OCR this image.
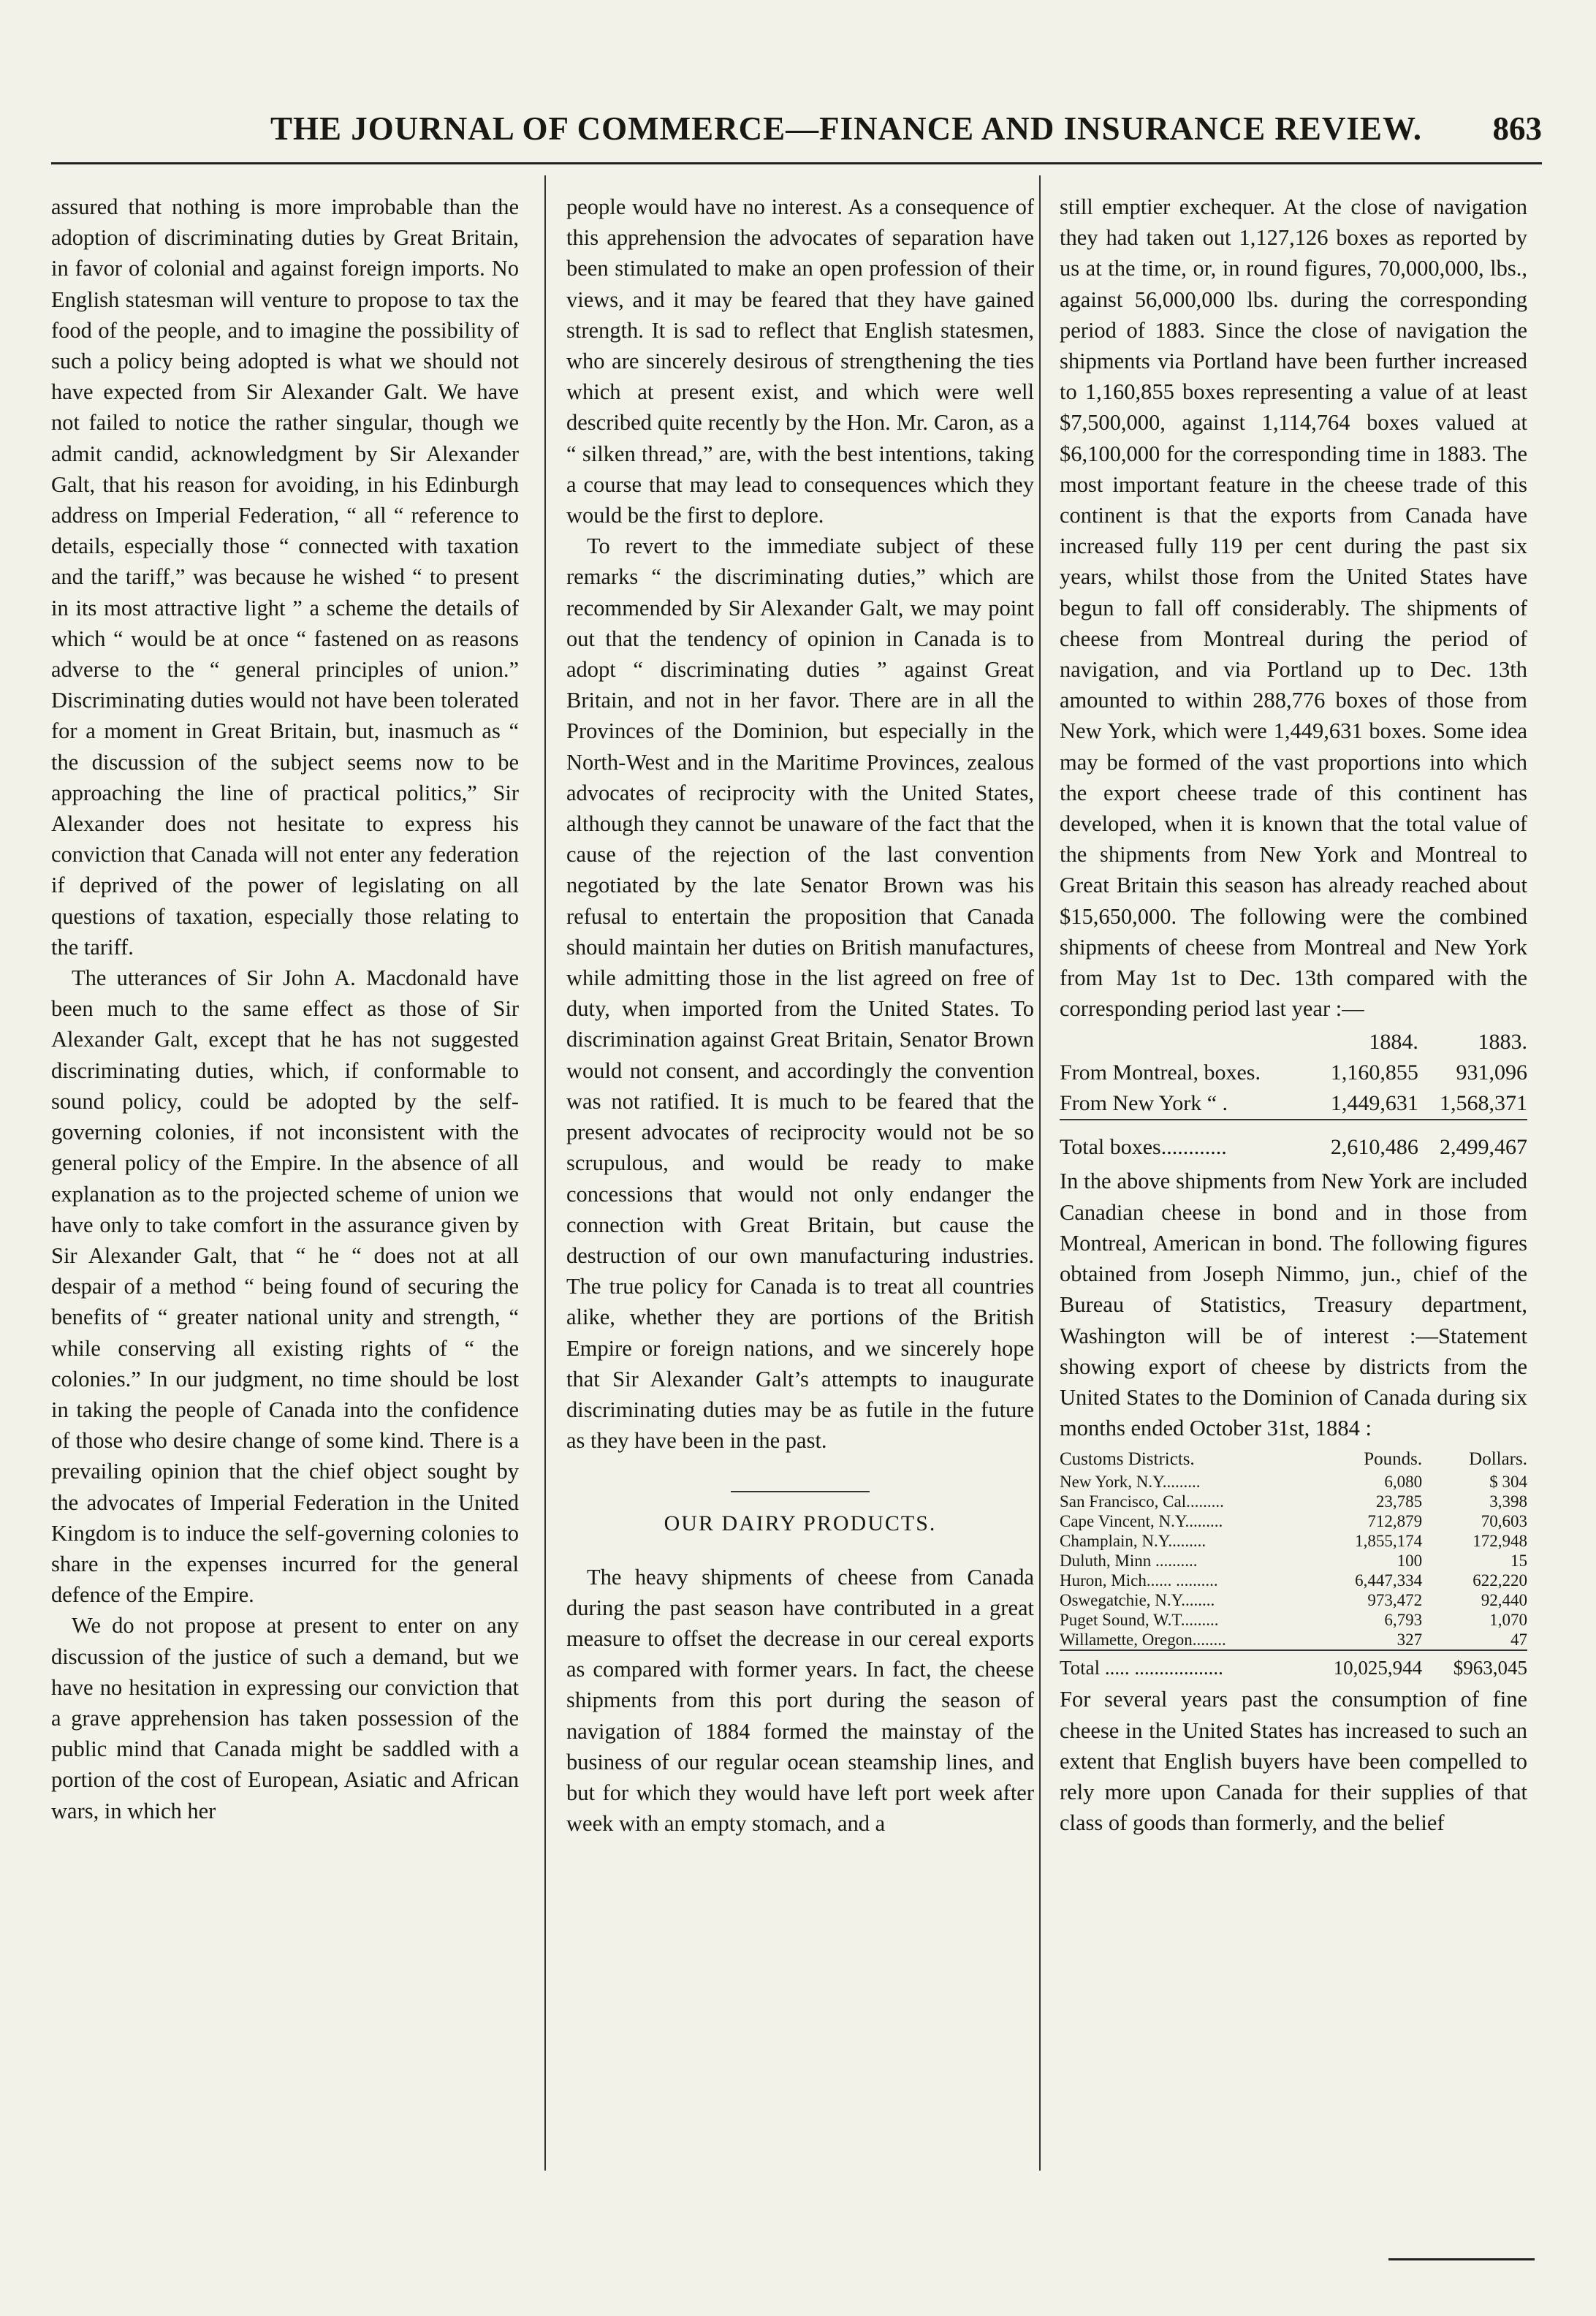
THE JOURNAL OF COMMERCE—FINANCE AND INSURANCE REVIEW. 863

assured that nothing is more improbable than the adoption of discriminating duties by Great Britain, in favor of colonial and against foreign imports. No English statesman will venture to propose to tax the food of the people, and to imagine the possibility of such a policy being adopted is what we should not have expected from Sir Alexander Galt. We have not failed to notice the rather singular, though we admit candid, acknowledgment by Sir Alexander Galt, that his reason for avoiding, in his Edinburgh address on Imperial Federation, “ all “ reference to details, especially those “ connected with taxation and the tariff,” was because he wished “ to present in its most attractive light ” a scheme the details of which “ would be at once “ fastened on as reasons adverse to the “ general principles of union.” Discriminating duties would not have been tolerated for a moment in Great Britain, but, inasmuch as “ the discussion of the subject seems now to be approaching the line of practical politics,” Sir Alexander does not hesitate to express his conviction that Canada will not enter any federation if deprived of the power of legislating on all questions of taxation, especially those relating to the tariff.

The utterances of Sir John A. Macdonald have been much to the same effect as those of Sir Alexander Galt, except that he has not suggested discriminating duties, which, if conformable to sound policy, could be adopted by the self-governing colonies, if not inconsistent with the general policy of the Empire. In the absence of all explanation as to the projected scheme of union we have only to take comfort in the assurance given by Sir Alexander Galt, that “ he “ does not at all despair of a method “ being found of securing the benefits of “ greater national unity and strength, “ while conserving all existing rights of “ the colonies.” In our judgment, no time should be lost in taking the people of Canada into the confidence of those who desire change of some kind. There is a prevailing opinion that the chief object sought by the advocates of Imperial Federation in the United Kingdom is to induce the self-governing colonies to share in the expenses incurred for the general defence of the Empire.

We do not propose at present to enter on any discussion of the justice of such a demand, but we have no hesitation in expressing our conviction that a grave apprehension has taken possession of the public mind that Canada might be saddled with a portion of the cost of European, Asiatic and African wars, in which her

people would have no interest. As a consequence of this apprehension the advocates of separation have been stimulated to make an open profession of their views, and it may be feared that they have gained strength. It is sad to reflect that English statesmen, who are sincerely desirous of strengthening the ties which at present exist, and which were well described quite recently by the Hon. Mr. Caron, as a “ silken thread,” are, with the best intentions, taking a course that may lead to consequences which they would be the first to deplore.

To revert to the immediate subject of these remarks “ the discriminating duties,” which are recommended by Sir Alexander Galt, we may point out that the tendency of opinion in Canada is to adopt “ discriminating duties ” against Great Britain, and not in her favor. There are in all the Provinces of the Dominion, but especially in the North-West and in the Maritime Provinces, zealous advocates of reciprocity with the United States, although they cannot be unaware of the fact that the cause of the rejection of the last convention negotiated by the late Senator Brown was his refusal to entertain the proposition that Canada should maintain her duties on British manufactures, while admitting those in the list agreed on free of duty, when imported from the United States. To discrimination against Great Britain, Senator Brown would not consent, and accordingly the convention was not ratified. It is much to be feared that the present advocates of reciprocity would not be so scrupulous, and would be ready to make concessions that would not only endanger the connection with Great Britain, but cause the destruction of our own manufacturing industries. The true policy for Canada is to treat all countries alike, whether they are portions of the British Empire or foreign nations, and we sincerely hope that Sir Alexander Galt’s attempts to inaugurate discriminating duties may be as futile in the future as they have been in the past.

OUR DAIRY PRODUCTS.

The heavy shipments of cheese from Canada during the past season have contributed in a great measure to offset the decrease in our cereal exports as compared with former years. In fact, the cheese shipments from this port during the season of navigation of 1884 formed the mainstay of the business of our regular ocean steamship lines, and but for which they would have left port week after week with an empty stomach, and a

still emptier exchequer. At the close of navigation they had taken out 1,127,126 boxes as reported by us at the time, or, in round figures, 70,000,000, lbs., against 56,000,000 lbs. during the corresponding period of 1883. Since the close of navigation the shipments via Portland have been further increased to 1,160,855 boxes representing a value of at least $7,500,000, against 1,114,764 boxes valued at $6,100,000 for the corresponding time in 1883. The most important feature in the cheese trade of this continent is that the exports from Canada have increased fully 119 per cent during the past six years, whilst those from the United States have begun to fall off considerably. The shipments of cheese from Montreal during the period of navigation, and via Portland up to Dec. 13th amounted to within 288,776 boxes of those from New York, which were 1,449,631 boxes. Some idea may be formed of the vast proportions into which the export cheese trade of this continent has developed, when it is known that the total value of the shipments from New York and Montreal to Great Britain this season has already reached about $15,650,000. The following were the combined shipments of cheese from Montreal and New York from May 1st to Dec. 13th compared with the corresponding period last year :—

	1884.	1883.
From Montreal, boxes.	1,160,855	931,096
From New York “ .	1,449,631	1,568,371
Total boxes............	2,610,486	2,499,467

In the above shipments from New York are included Canadian cheese in bond and in those from Montreal, American in bond. The following figures obtained from Joseph Nimmo, jun., chief of the Bureau of Statistics, Treasury department, Washington will be of interest :—Statement showing export of cheese by districts from the United States to the Dominion of Canada during six months ended October 31st, 1884 :

Customs Districts.	Pounds.	Dollars.
New York, N.Y.........	6,080	$ 304
San Francisco, Cal.........	23,785	3,398
Cape Vincent, N.Y.........	712,879	70,603
Champlain, N.Y.........	1,855,174	172,948
Duluth, Minn ..........	100	15
Huron, Mich...... ..........	6,447,334	622,220
Oswegatchie, N.Y........	973,472	92,440
Puget Sound, W.T.........	6,793	1,070
Willamette, Oregon........	327	47
Total ..... ..................	10,025,944	$963,045

For several years past the consumption of fine cheese in the United States has increased to such an extent that English buyers have been compelled to rely more upon Canada for their supplies of that class of goods than formerly, and the belief
